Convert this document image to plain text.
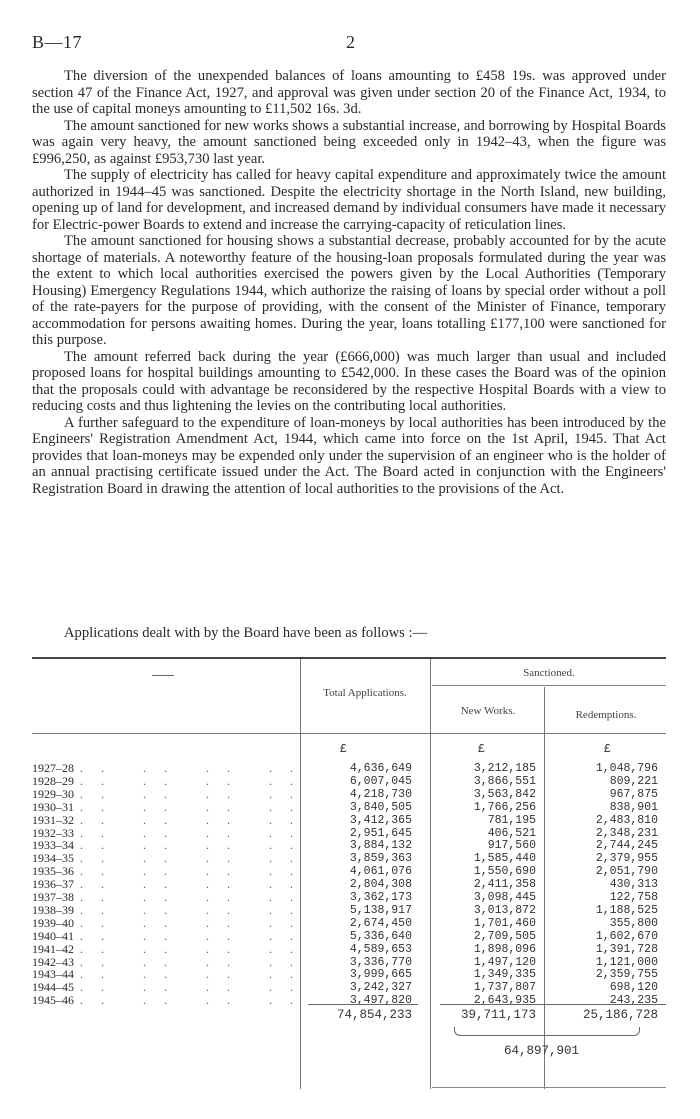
B—17	2

The diversion of the unexpended balances of loans amounting to £458 19s. was approved under section 47 of the Finance Act, 1927, and approval was given under section 20 of the Finance Act, 1934, to the use of capital moneys amounting to £11,502 16s. 3d.

The amount sanctioned for new works shows a substantial increase, and borrowing by Hospital Boards was again very heavy, the amount sanctioned being exceeded only in 1942–43, when the figure was £996,250, as against £953,730 last year.

The supply of electricity has called for heavy capital expenditure and approximately twice the amount authorized in 1944–45 was sanctioned. Despite the electricity shortage in the North Island, new building, opening up of land for development, and increased demand by individual consumers have made it necessary for Electric-power Boards to extend and increase the carrying-capacity of reticulation lines.

The amount sanctioned for housing shows a substantial decrease, probably accounted for by the acute shortage of materials. A noteworthy feature of the housing-loan proposals formulated during the year was the extent to which local authorities exercised the powers given by the Local Authorities (Temporary Housing) Emergency Regulations 1944, which authorize the raising of loans by special order without a poll of the rate-payers for the purpose of providing, with the consent of the Minister of Finance, temporary accommodation for persons awaiting homes. During the year, loans totalling £177,100 were sanctioned for this purpose.

The amount referred back during the year (£666,000) was much larger than usual and included proposed loans for hospital buildings amounting to £542,000. In these cases the Board was of the opinion that the proposals could with advantage be reconsidered by the respective Hospital Boards with a view to reducing costs and thus lightening the levies on the contributing local authorities.

A further safeguard to the expenditure of loan-moneys by local authorities has been introduced by the Engineers' Registration Amendment Act, 1944, which came into force on the 1st April, 1945. That Act provides that loan-moneys may be expended only under the supervision of an engineer who is the holder of an annual practising certificate issued under the Act. The Board acted in conjunction with the Engineers' Registration Board in drawing the attention of local authorities to the provisions of the Act.

Applications dealt with by the Board have been as follows :—
Total Applications.
Sanctioned.
New Works.	Redemptions.
£	£	£
1927–28 .. .. .. ..	4,636,649	3,212,185	1,048,796
1928–29 .. .. .. ..	6,007,045	3,866,551	809,221
1929–30 .. .. .. ..	4,218,730	3,563,842	967,875
1930–31 .. .. .. ..	3,840,505	1,766,256	838,901
1931–32 .. .. .. ..	3,412,365	781,195	2,483,810
1932–33 .. .. .. ..	2,951,645	406,521	2,348,231
1933–34 .. .. .. ..	3,884,132	917,560	2,744,245
1934–35 .. .. .. ..	3,859,363	1,585,440	2,379,955
1935–36 .. .. .. ..	4,061,076	1,550,690	2,051,790
1936–37 .. .. .. ..	2,804,308	2,411,358	430,313
1937–38 .. .. .. ..	3,362,173	3,098,445	122,758
1938–39 .. .. .. ..	5,138,917	3,013,872	1,188,525
1939–40 .. .. .. ..	2,674,450	1,701,460	355,800
1940–41 .. .. .. ..	5,336,640	2,709,505	1,602,670
1941–42 .. .. .. ..	4,589,653	1,898,096	1,391,728
1942–43 .. .. .. ..	3,336,770	1,497,120	1,121,000
1943–44 .. .. .. ..	3,999,665	1,349,335	2,359,755
1944–45 .. .. .. ..	3,242,327	1,737,807	698,120
1945–46 .. .. .. ..	3,497,820	2,643,935	243,235
74,854,233	39,711,173	25,186,728
64,897,901
